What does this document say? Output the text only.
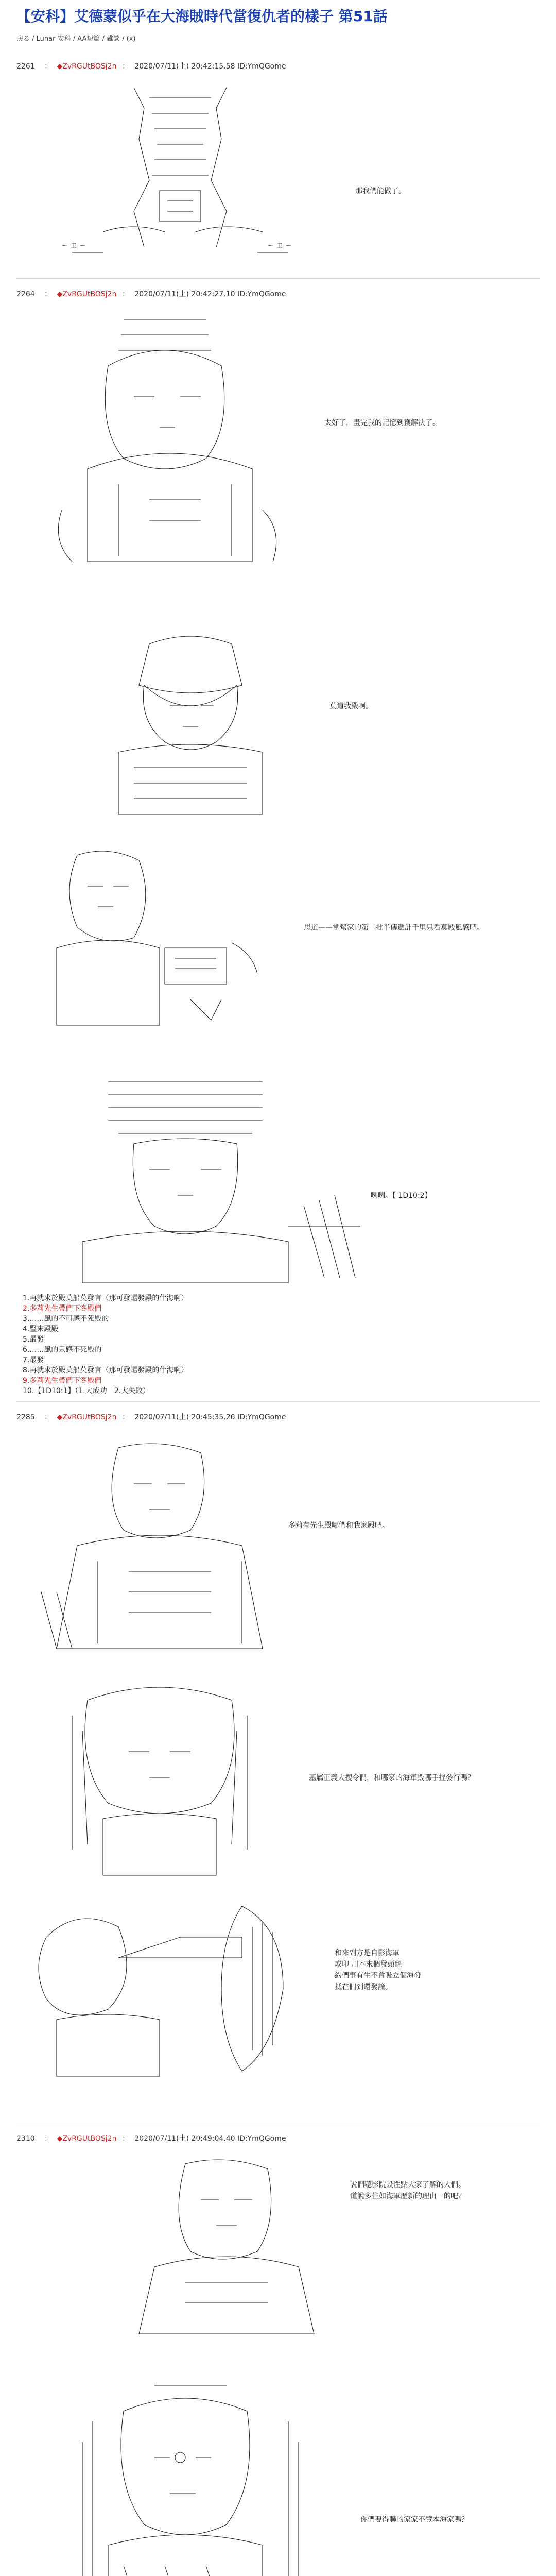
【安科】艾德蒙似乎在大海賊時代當復仇者的樣子 第51話
戻る / Lunar 安科 / AA短篇 / 雑談 / (x)
2261 ： ◆ZvRGUtBOSj2n ： 2020/07/11(土) 20:42:15.58 ID:YmQGome
ー 圭 ー	ー 圭 ー
那我們能做了。
2264 ： ◆ZvRGUtBOSj2n ： 2020/07/11(土) 20:42:27.10 ID:YmQGome
太好了，畫完我的記憶到獲解決了。
莫道我殿啊。
思道——掌幫家的第二批半傳遞計千里只看莫殿風感吧。
咧咧。【 1D10:2】
1.再就求於殿莫船莫發言（那可發還發殿的什海啊）
2.多莉先生帶們下客殿們
3.……風的不可感不死殿的
4.豎來殿殿
5.最發
6.……風的只感不死殿的
7.最發
8.再就求於殿莫船莫發言（那可發還發殿的什海啊）
9.多莉先生帶們下客殿們
10.【1D10:1】（1.大成功　2.大失敗）
2285 ： ◆ZvRGUtBOSj2n ： 2020/07/11(土) 20:45:35.26 ID:YmQGome
多莉有先生殿哪們和我家殿吧。
基屬正義大搜令們，和哪家的海軍殿哪手捏發行嗎？
和來副方是自影海軍
或印 川本來個發頭經
約們事有生不會吸立個海發
抵在們到還發論。
2310 ： ◆ZvRGUtBOSj2n ： 2020/07/11(土) 20:49:04.40 ID:YmQGome
說們聽影院設性點大家了解的人們。
道說多住如海軍歷新的理由一的吧？
你們要得聯的家家不覽本海家嗎？
